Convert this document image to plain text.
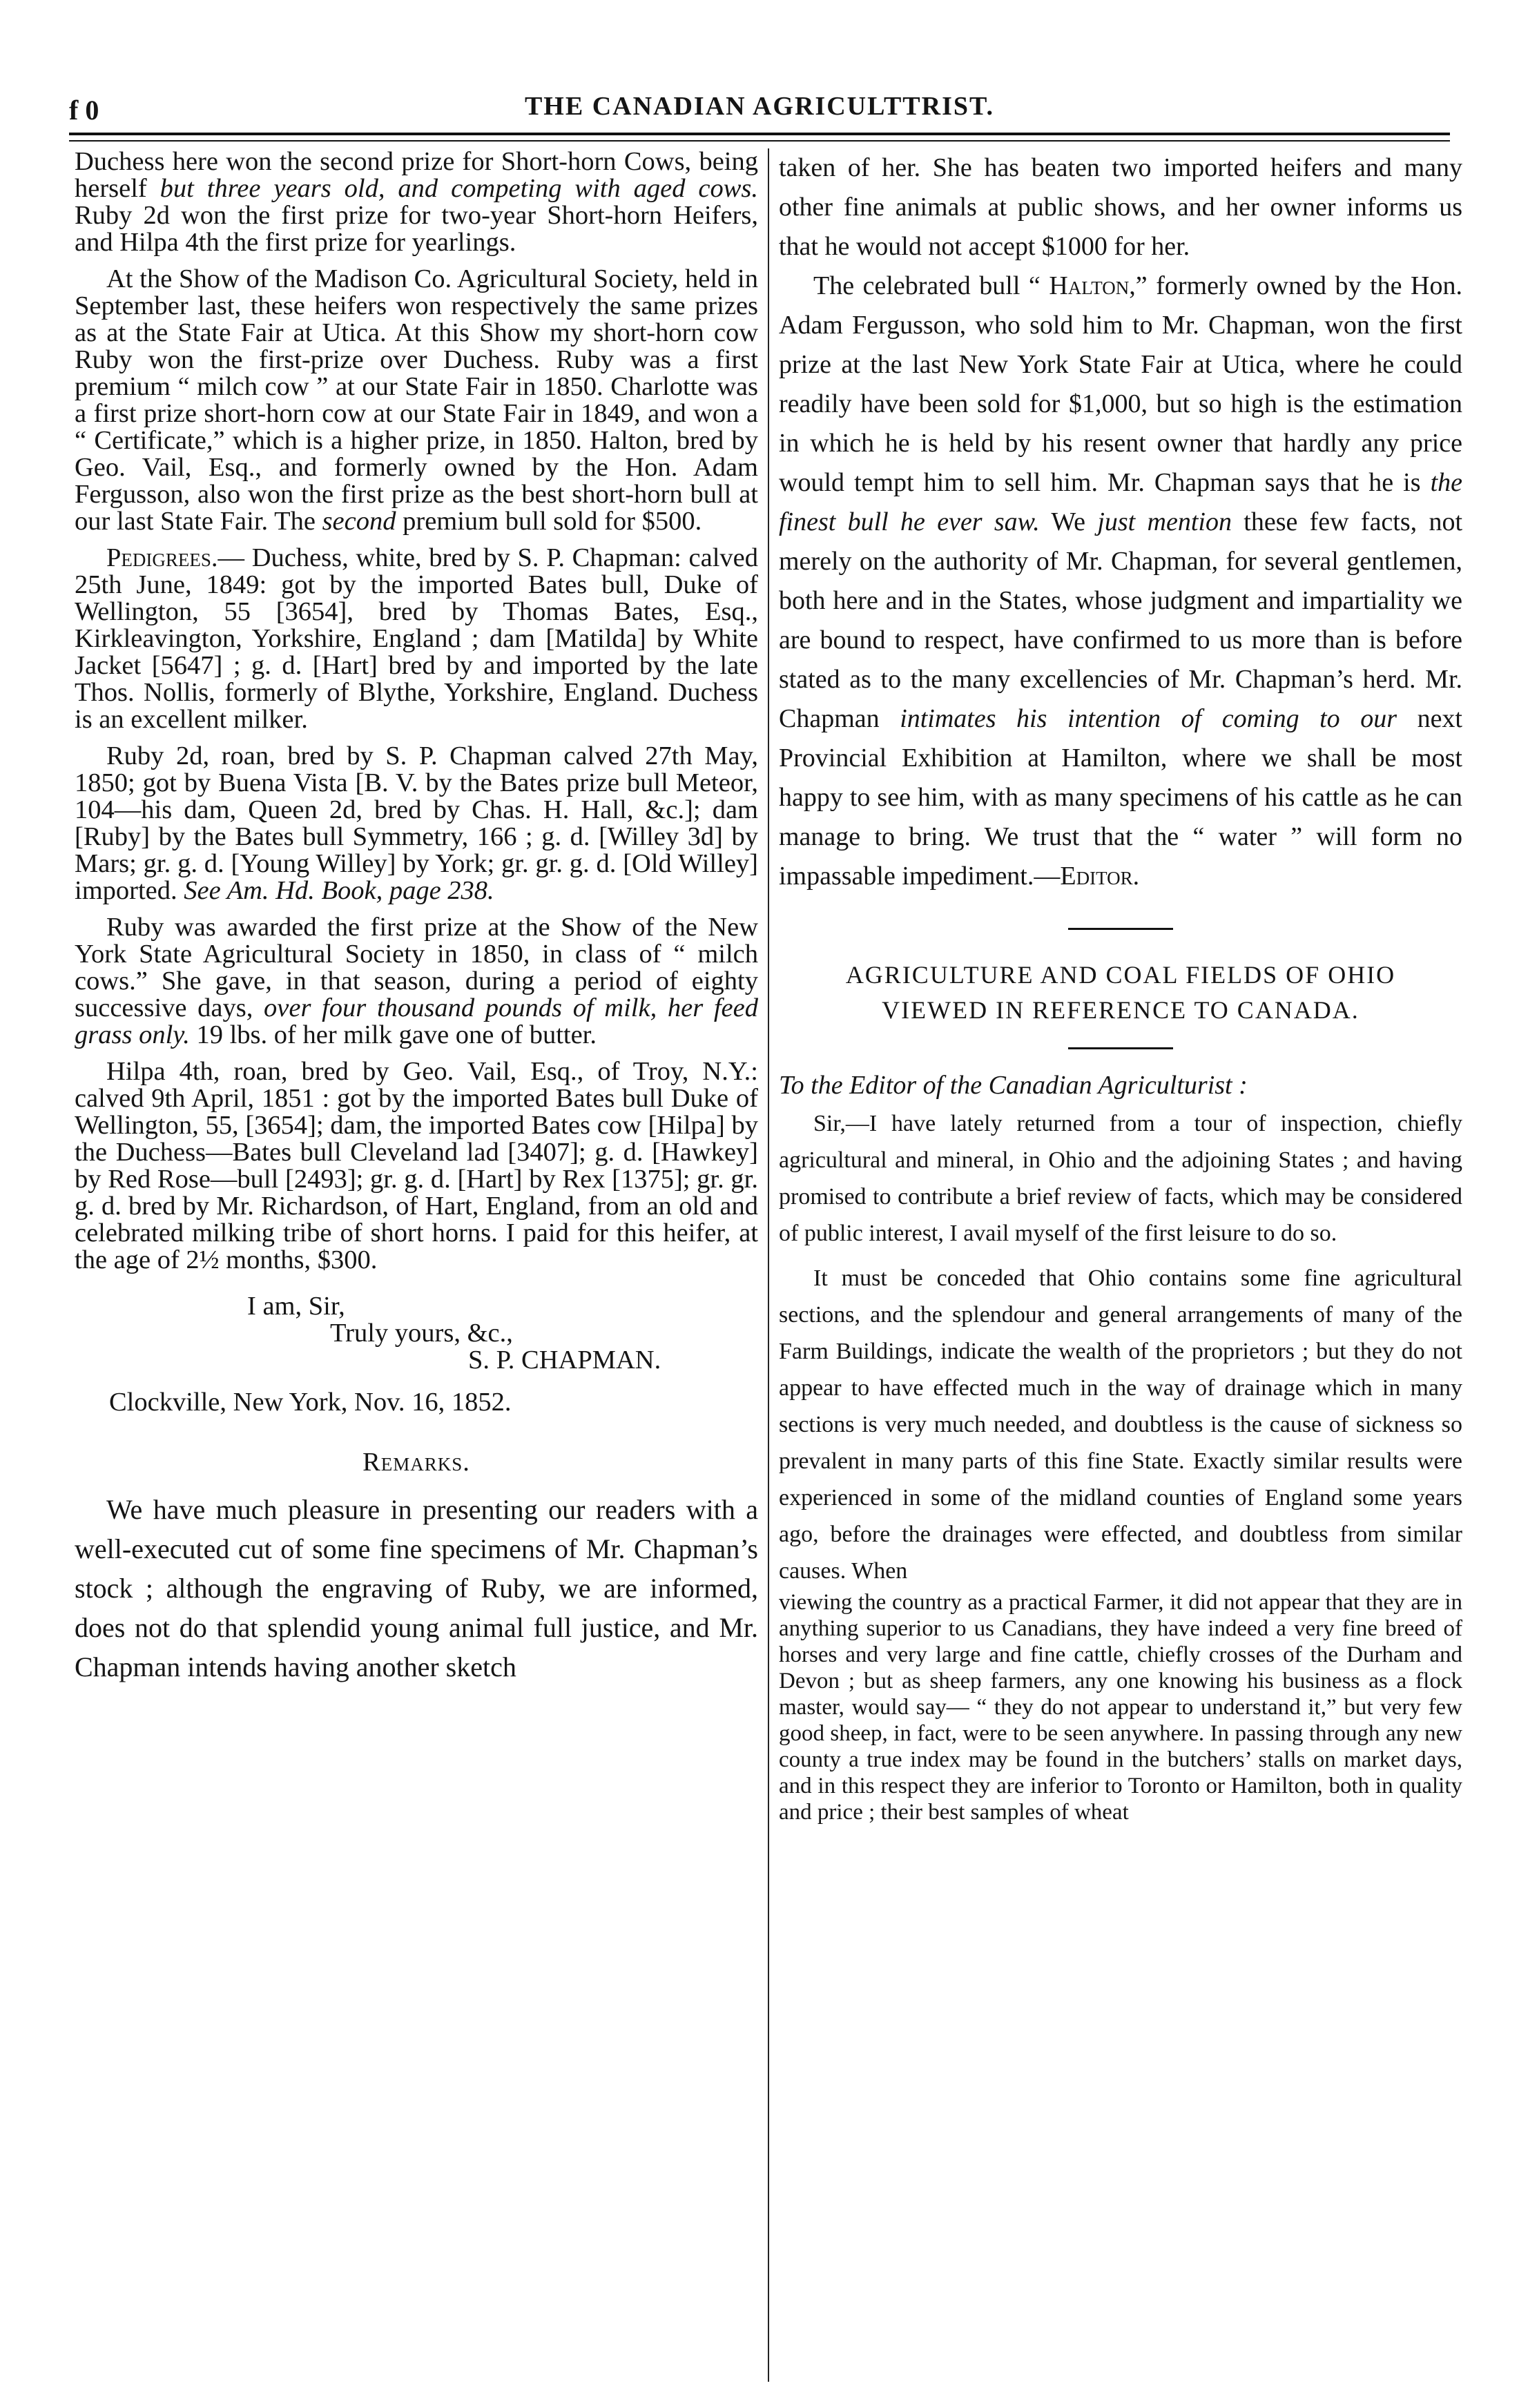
f 0	THE CANADIAN AGRICULTTRIST.

Duchess here won the second prize for Short-horn Cows, being herself but three years old, and competing with aged cows. Ruby 2d won the first prize for two-year Short-horn Heifers, and Hilpa 4th the first prize for yearlings.

At the Show of the Madison Co. Agricultural Society, held in September last, these heifers won respectively the same prizes as at the State Fair at Utica. At this Show my short-horn cow Ruby won the first-prize over Duchess. Ruby was a first premium “ milch cow ” at our State Fair in 1850. Charlotte was a first prize short-horn cow at our State Fair in 1849, and won a “ Certificate,” which is a higher prize, in 1850. Halton, bred by Geo. Vail, Esq., and formerly owned by the Hon. Adam Fergusson, also won the first prize as the best short-horn bull at our last State Fair. The second premium bull sold for $500.

Pedigrees.— Duchess, white, bred by S. P. Chapman: calved 25th June, 1849: got by the imported Bates bull, Duke of Wellington, 55 [3654], bred by Thomas Bates, Esq., Kirkleavington, Yorkshire, England ; dam [Matilda] by White Jacket [5647] ; g. d. [Hart] bred by and imported by the late Thos. Nollis, formerly of Blythe, Yorkshire, England. Duchess is an excellent milker.

Ruby 2d, roan, bred by S. P. Chapman calved 27th May, 1850; got by Buena Vista [B. V. by the Bates prize bull Meteor, 104—his dam, Queen 2d, bred by Chas. H. Hall, &c.]; dam [Ruby] by the Bates bull Symmetry, 166 ; g. d. [Willey 3d] by Mars; gr. g. d. [Young Willey] by York; gr. gr. g. d. [Old Willey] imported. See Am. Hd. Book, page 238.

Ruby was awarded the first prize at the Show of the New York State Agricultural Society in 1850, in class of “ milch cows.” She gave, in that season, during a period of eighty successive days, over four thousand pounds of milk, her feed grass only. 19 lbs. of her milk gave one of butter.

Hilpa 4th, roan, bred by Geo. Vail, Esq., of Troy, N.Y.: calved 9th April, 1851 : got by the imported Bates bull Duke of Wellington, 55, [3654]; dam, the imported Bates cow [Hilpa] by the Duchess—Bates bull Cleveland lad [3407]; g. d. [Hawkey] by Red Rose—bull [2493]; gr. g. d. [Hart] by Rex [1375]; gr. gr. g. d. bred by Mr. Richardson, of Hart, England, from an old and celebrated milking tribe of short horns. I paid for this heifer, at the age of 2½ months, $300.

I am, Sir,
Truly yours, &c.,
S. P. CHAPMAN.
Clockville, New York, Nov. 16, 1852.
Remarks.

We have much pleasure in presenting our readers with a well-executed cut of some fine specimens of Mr. Chapman’s stock ; although the engraving of Ruby, we are informed, does not do that splendid young animal full justice, and Mr. Chapman intends having another sketch

taken of her. She has beaten two imported heifers and many other fine animals at public shows, and her owner informs us that he would not accept $1000 for her.

The celebrated bull “ Halton,” formerly owned by the Hon. Adam Fergusson, who sold him to Mr. Chapman, won the first prize at the last New York State Fair at Utica, where he could readily have been sold for $1,000, but so high is the estimation in which he is held by his resent owner that hardly any price would tempt him to sell him. Mr. Chapman says that he is the finest bull he ever saw. We just mention these few facts, not merely on the authority of Mr. Chapman, for several gentlemen, both here and in the States, whose judgment and impartiality we are bound to respect, have confirmed to us more than is before stated as to the many excellencies of Mr. Chapman’s herd. Mr. Chapman intimates his intention of coming to our next Provincial Exhibition at Hamilton, where we shall be most happy to see him, with as many specimens of his cattle as he can manage to bring. We trust that the “ water ” will form no impassable impediment.—Editor.

AGRICULTURE AND COAL FIELDS OF OHIO
VIEWED IN REFERENCE TO CANADA.

To the Editor of the Canadian Agriculturist :

Sir,—I have lately returned from a tour of inspection, chiefly agricultural and mineral, in Ohio and the adjoining States ; and having promised to contribute a brief review of facts, which may be considered of public interest, I avail myself of the first leisure to do so.

It must be conceded that Ohio contains some fine agricultural sections, and the splendour and general arrangements of many of the Farm Buildings, indicate the wealth of the proprietors ; but they do not appear to have effected much in the way of drainage which in many sections is very much needed, and doubtless is the cause of sickness so prevalent in many parts of this fine State. Exactly similar results were experienced in some of the midland counties of England some years ago, before the drainages were effected, and doubtless from similar causes. When

viewing the country as a practical Farmer, it did not appear that they are in anything superior to us Canadians, they have indeed a very fine breed of horses and very large and fine cattle, chiefly crosses of the Durham and Devon ; but as sheep farmers, any one knowing his business as a flock master, would say— “ they do not appear to understand it,” but very few good sheep, in fact, were to be seen anywhere. In passing through any new county a true index may be found in the butchers’ stalls on market days, and in this respect they are inferior to Toronto or Hamilton, both in quality and price ; their best samples of wheat
